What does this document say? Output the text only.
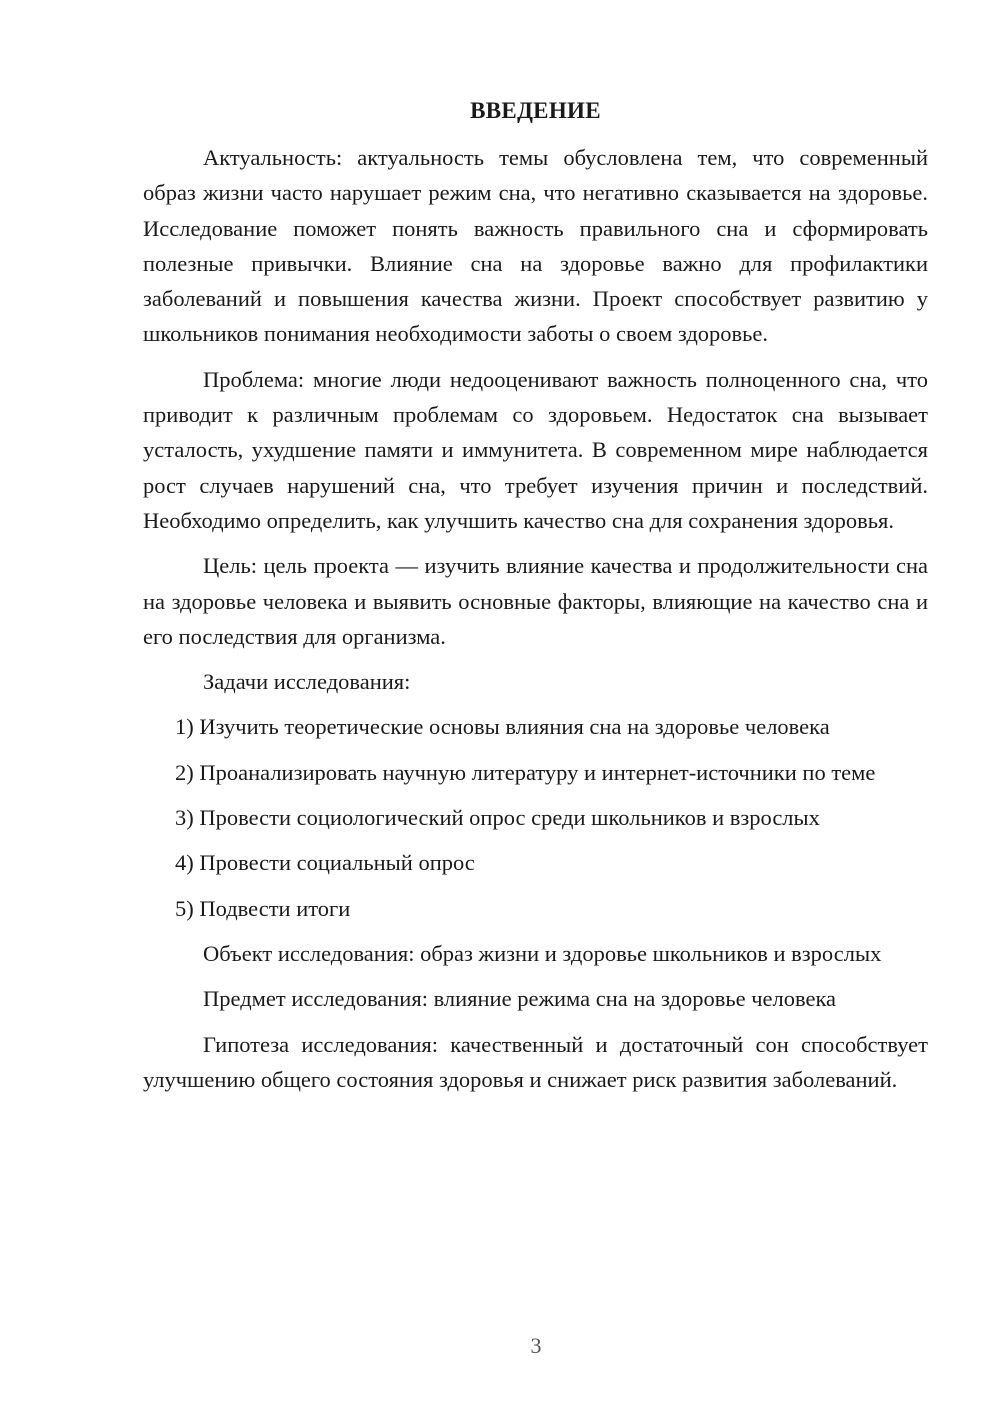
ВВЕДЕНИЕ

Актуальность: актуальность темы обусловлена тем, что современный образ жизни часто нарушает режим сна, что негативно сказывается на здоровье. Исследование поможет понять важность правильного сна и сформировать полезные привычки. Влияние сна на здоровье важно для профилактики заболеваний и повышения качества жизни. Проект способствует развитию у школьников понимания необходимости заботы о своем здоровье.

Проблема: многие люди недооценивают важность полноценного сна, что приводит к различным проблемам со здоровьем. Недостаток сна вызывает усталость, ухудшение памяти и иммунитета. В современном мире наблюдается рост случаев нарушений сна, что требует изучения причин и последствий. Необходимо определить, как улучшить качество сна для сохранения здоровья.

Цель: цель проекта — изучить влияние качества и продолжительности сна на здоровье человека и выявить основные факторы, влияющие на качество сна и его последствия для организма.

Задачи исследования:

1) Изучить теоретические основы влияния сна на здоровье человека

2) Проанализировать научную литературу и интернет-источники по теме

3) Провести социологический опрос среди школьников и взрослых

4) Провести социальный опрос

5) Подвести итоги

Объект исследования: образ жизни и здоровье школьников и взрослых

Предмет исследования: влияние режима сна на здоровье человека

Гипотеза исследования: качественный и достаточный сон способствует улучшению общего состояния здоровья и снижает риск развития заболеваний.

3
